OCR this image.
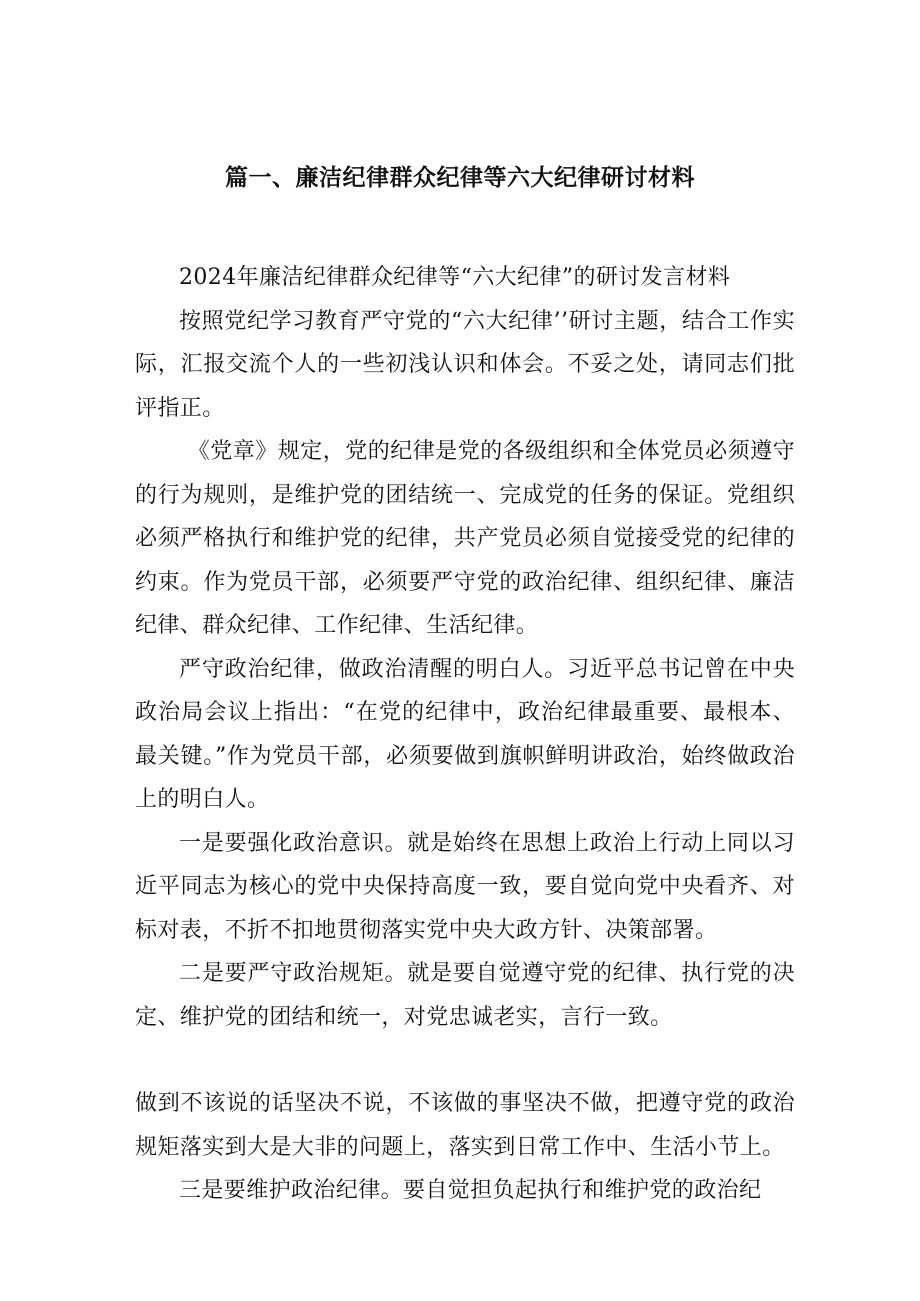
篇一、廉洁纪律群众纪律等六大纪律研讨材料

2024年廉洁纪律群众纪律等“六大纪律”的研讨发言材料

按照党纪学习教育严守党的“六大纪律’’研讨主题，结合工作实际，汇报交流个人的一些初浅认识和体会。不妥之处，请同志们批评指正。

《党章》规定，党的纪律是党的各级组织和全体党员必须遵守的行为规则，是维护党的团结统一、完成党的任务的保证。党组织必须严格执行和维护党的纪律，共产党员必须自觉接受党的纪律的约束。作为党员干部，必须要严守党的政治纪律、组织纪律、廉洁纪律、群众纪律、工作纪律、生活纪律。

严守政治纪律，做政治清醒的明白人。习近平总书记曾在中央政治局会议上指出：“在党的纪律中，政治纪律最重要、最根本、最关键。”作为党员干部，必须要做到旗帜鲜明讲政治，始终做政治上的明白人。

一是要强化政治意识。就是始终在思想上政治上行动上同以习近平同志为核心的党中央保持高度一致，要自觉向党中央看齐、对标对表，不折不扣地贯彻落实党中央大政方针、决策部署。

二是要严守政治规矩。就是要自觉遵守党的纪律、执行党的决定、维护党的团结和统一，对党忠诚老实，言行一致。

做到不该说的话坚决不说，不该做的事坚决不做，把遵守党的政治规矩落实到大是大非的问题上，落实到日常工作中、生活小节上。

三是要维护政治纪律。要自觉担负起执行和维护党的政治纪
